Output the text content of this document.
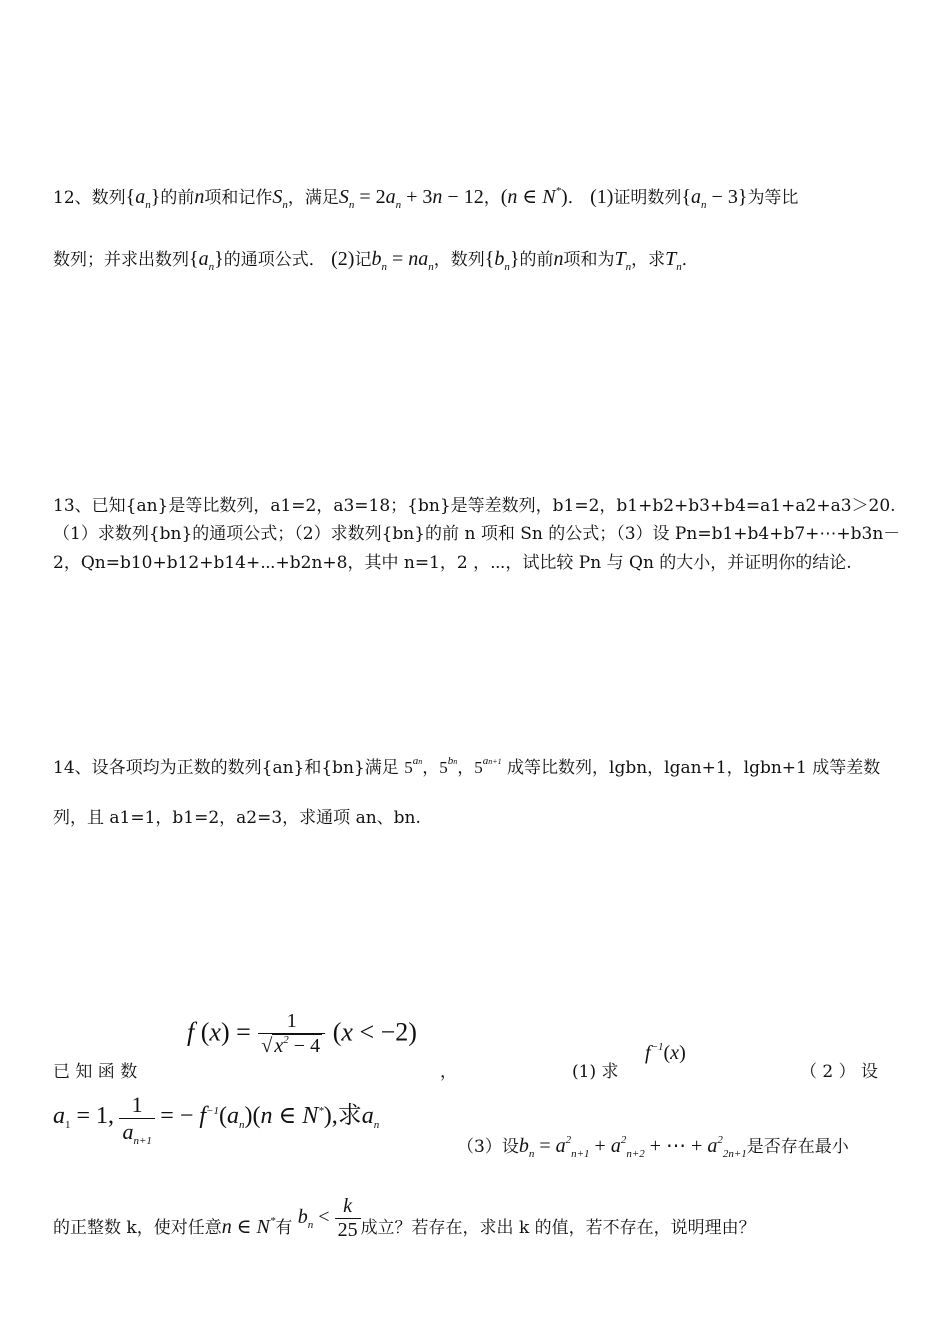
12、数列$\{a_n\}$的前n项和记作$S_n$，满足$S_n = 2a_n + 3n - 12$，(n ∈ N*)． (1)证明数列$\{a_n - 3\}$为等比
数列；并求出数列$\{a_n\}$的通项公式． (2)记$b_n = na_n$，数列$\{b_n\}$的前n项和为$T_n$，求$T_n$．
13、已知{an}是等比数列，a1=2，a3=18；{bn}是等差数列，b1=2，b1+b2+b3+b4=a1+a2+a3＞20.
（1）求数列{bn}的通项公式；（2）求数列{bn}的前 n 项和 Sn 的公式；（3）设 Pn=b1+b4+b7+⋯+b3n－
2，Qn=b10+b12+b14+⋯+b2n+8，其中 n=1，2 ，⋯，试比较 Pn 与 Qn 的大小，并证明你的结论.
14、设各项均为正数的数列{an}和{bn}满足 $5^{an}$，$5^{bn}$，$5^{an+1}$ 成等比数列，lgbn，lgan+1，lgbn+1 成等差数
列，且 a1=1，b1=2，a2=3，求通项 an、bn.
f $(x) = \frac{1}{√ x^2 - 4} (x < -2)$
已 知 函 数	，	(1) 求
$f^{-1}(x)$
（ 2 ） 设
$a_1 = 1$, $\frac{1}{a_{n+1}}$ = − $f^{-1}(a_n)(n$ ∈ N*),求$a_n$
（3）设$b_n = a^2_{n+1} + a^2_{n+2}$ + ⋯ + $a^2_{2n+1}$是否存在最小
的正整数 k，使对任意n ∈ N*有 $b_n < \frac{k}{25}$ 成立？若存在，求出 k 的值，若不存在，说明理由？
